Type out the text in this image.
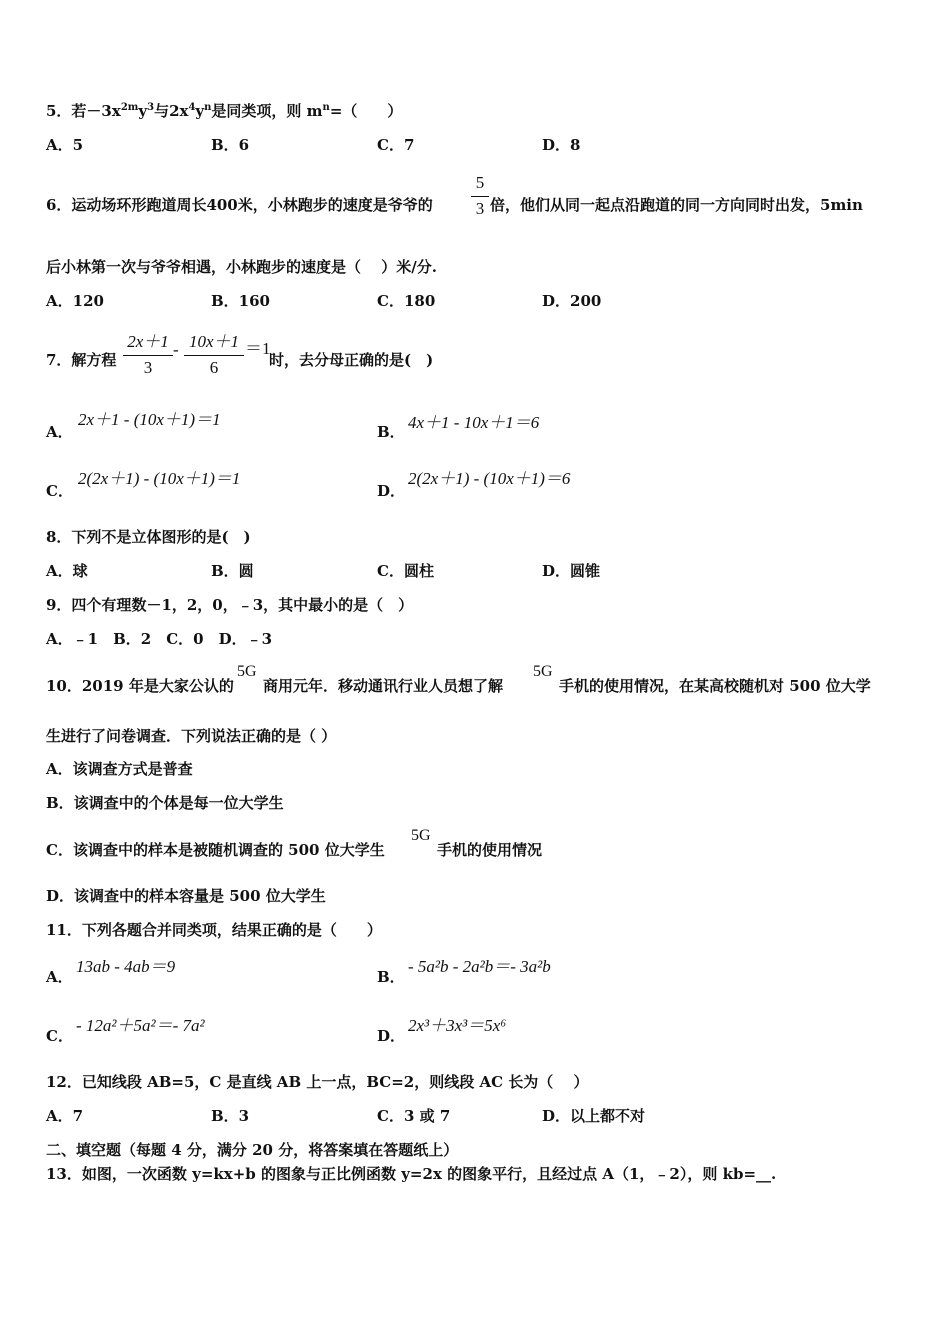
5．若$-3x^{2m}y^3$与$2x^4y^n$是同类项，则 $m^n=$（　　）
A．5	B．6	C．7	D．8
6．运动场环形跑道周长400米，小林跑步的速度是爷爷的 $\frac{5}{3}$ 倍，他们从同一起点沿跑道的同一方向同时出发，5min
后小林第一次与爷爷相遇，小林跑步的速度是（　 ）米/分.
A．120	B．160	C．180	D．200
7．解方程 $\frac{2x+1}{3} - \frac{10x+1}{6} =1$
时，去分母正确的是(　)
A．
2x＋1 - (10x＋1)＝1
B． 4x＋1 - 10x＋1＝6
C．
2(2x＋1) - (10x＋1)＝1
D．
2(2x＋1) - (10x＋1)＝6
8．下列不是立体图形的是(　)
A．球	B．圆	C．圆柱	D．圆锥
9．四个有理数－1，2，0，﹣3，其中最小的是（　）
A．﹣1　B．2　C．0　D．﹣3
10．2019 年是大家公认的
5G
商用元年．移动通讯行业人员想了解
5G
手机的使用情况，在某高校随机对 500 位大学
生进行了问卷调查．下列说法正确的是（ ）
A．该调查方式是普查
B．该调查中的个体是每一位大学生
C．该调查中的样本是被随机调查的 500 位大学生
5G
手机的使用情况
D．该调查中的样本容量是 500 位大学生
11．下列各题合并同类项，结果正确的是（　　）
A．
13ab - 4ab＝9
B．
- 5a²b - 2a²b＝- 3a²b
C．
- 12a²＋5a²＝- 7a²
D．
2x³＋3x³＝5x⁶
12．已知线段 AB=5，C 是直线 AB 上一点，BC=2，则线段 AC 长为（　 ）
A．7	B．3	C．3 或 7	D．以上都不对
二、填空题（每题 4 分，满分 20 分，将答案填在答题纸上）
13．如图，一次函数 y=kx+b 的图象与正比例函数 y=2x 的图象平行，且经过点 A（1，﹣2），则 kb=__.
